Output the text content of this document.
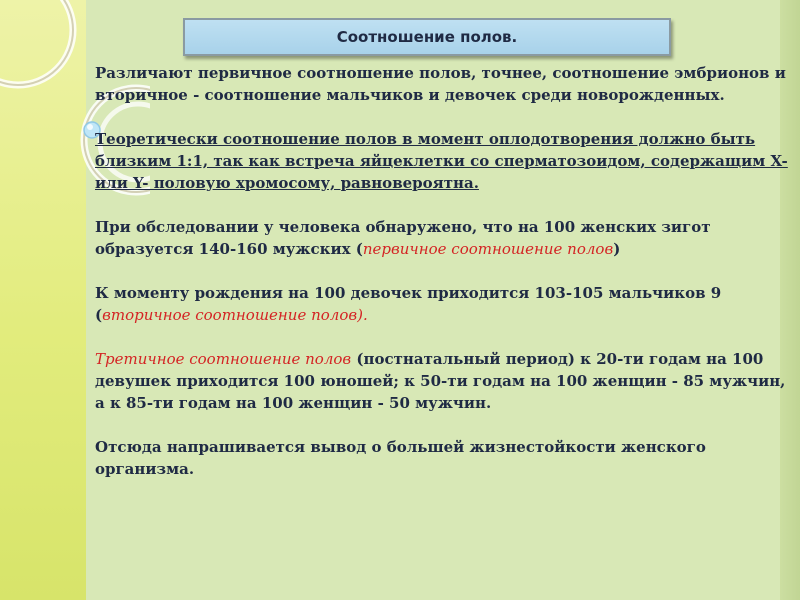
Соотношение полов.

Различают первичное соотношение полов, точнее, соотношение эмбрионов и вторичное - соотношение мальчиков и девочек среди новорожденных.

Теоретически соотношение полов в момент оплодотворения должно быть близким 1:1, так как встреча яйцеклетки со сперматозоидом, содержащим X- или Y- половую хромосому, равновероятна.

При обследовании у человека обнаружено, что на 100 женских зигот образуется 140-160 мужских (первичное соотношение полов)

К моменту рождения на 100 девочек приходится 103-105 мальчиков 9 (вторичное соотношение полов).

Третичное соотношение полов (постнатальный период) к 20-ти годам на 100 девушек приходится 100 юношей; к 50-ти годам на 100 женщин - 85 мужчин, а к 85-ти годам на 100 женщин - 50 мужчин.

Отсюда напрашивается вывод о большей жизнестойкости женского организма.
